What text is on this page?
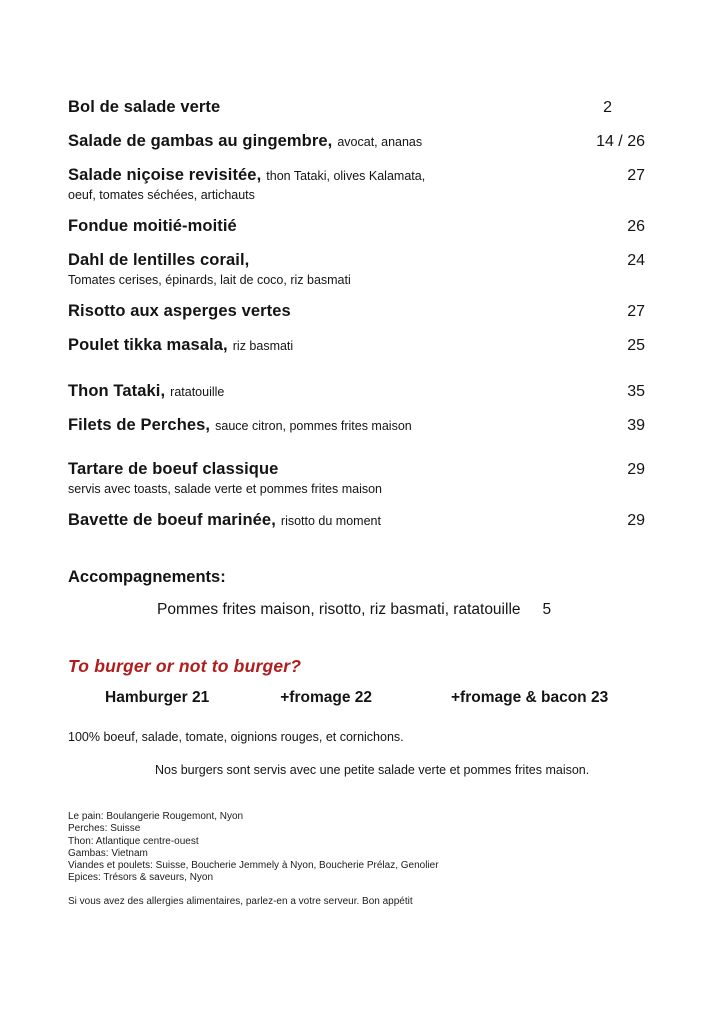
Bol de salade verte	2
Salade de gambas au gingembre, avocat, ananas	14 / 26
Salade niçoise revisitée, thon Tataki, olives Kalamata,	27
oeuf, tomates séchées, artichauts
Fondue moitié-moitié	26
Dahl de lentilles corail,	24
Tomates cerises, épinards, lait de coco, riz basmati
Risotto aux asperges vertes	27
Poulet tikka masala, riz basmati	25
Thon Tataki, ratatouille	35
Filets de Perches, sauce citron, pommes frites maison	39
Tartare de boeuf classique	29
servis avec toasts, salade verte et pommes frites maison
Bavette de boeuf marinée, risotto du moment	29
Accompagnements:
Pommes frites maison, risotto, riz basmati, ratatouille 5
To burger or not to burger?
Hamburger 21	+fromage 22	+fromage & bacon 23
100% boeuf, salade, tomate, oignions rouges, et cornichons.
Nos burgers sont servis avec une petite salade verte et pommes frites maison.
Le pain: Boulangerie Rougemont, Nyon
Perches: Suisse
Thon: Atlantique centre-ouest
Gambas: Vietnam
Viandes et poulets: Suisse, Boucherie Jemmely à Nyon, Boucherie Prélaz, Genolier
Epices: Trésors & saveurs, Nyon
Si vous avez des allergies alimentaires, parlez-en a votre serveur. Bon appétit
